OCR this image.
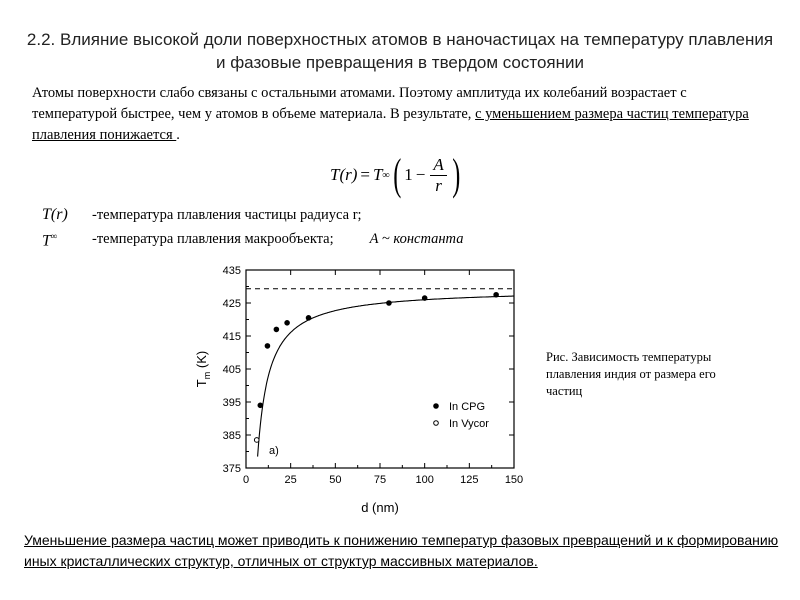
2.2. Влияние высокой доли поверхностных атомов в наночастицах на температуру плавления и фазовые превращения в твердом состоянии
Атомы поверхности слабо связаны с остальными атомами. Поэтому амплитуда их колебаний возрастает с температурой быстрее, чем у атомов в объеме материала. В результате, с уменьшением размера частиц температура плавления понижается .
T(r) = T ∞ ( $1 - \frac{A}{r}$ )
T(r)	-температура плавления частицы радиуса r;
T∞	-температура плавления макрообъекта; A ~ константа
0	25	50	75	100 125 150
375
385
395
405
415
425
435
In CPG
In Vycor
a)
d (nm)
$T_m$ (K)	Рис. Зависимость температуры плавления индия от размера его частиц
Уменьшение размера частиц может приводить к понижению температур фазовых превращений и к формированию иных кристаллических структур, отличных от структур массивных материалов.
